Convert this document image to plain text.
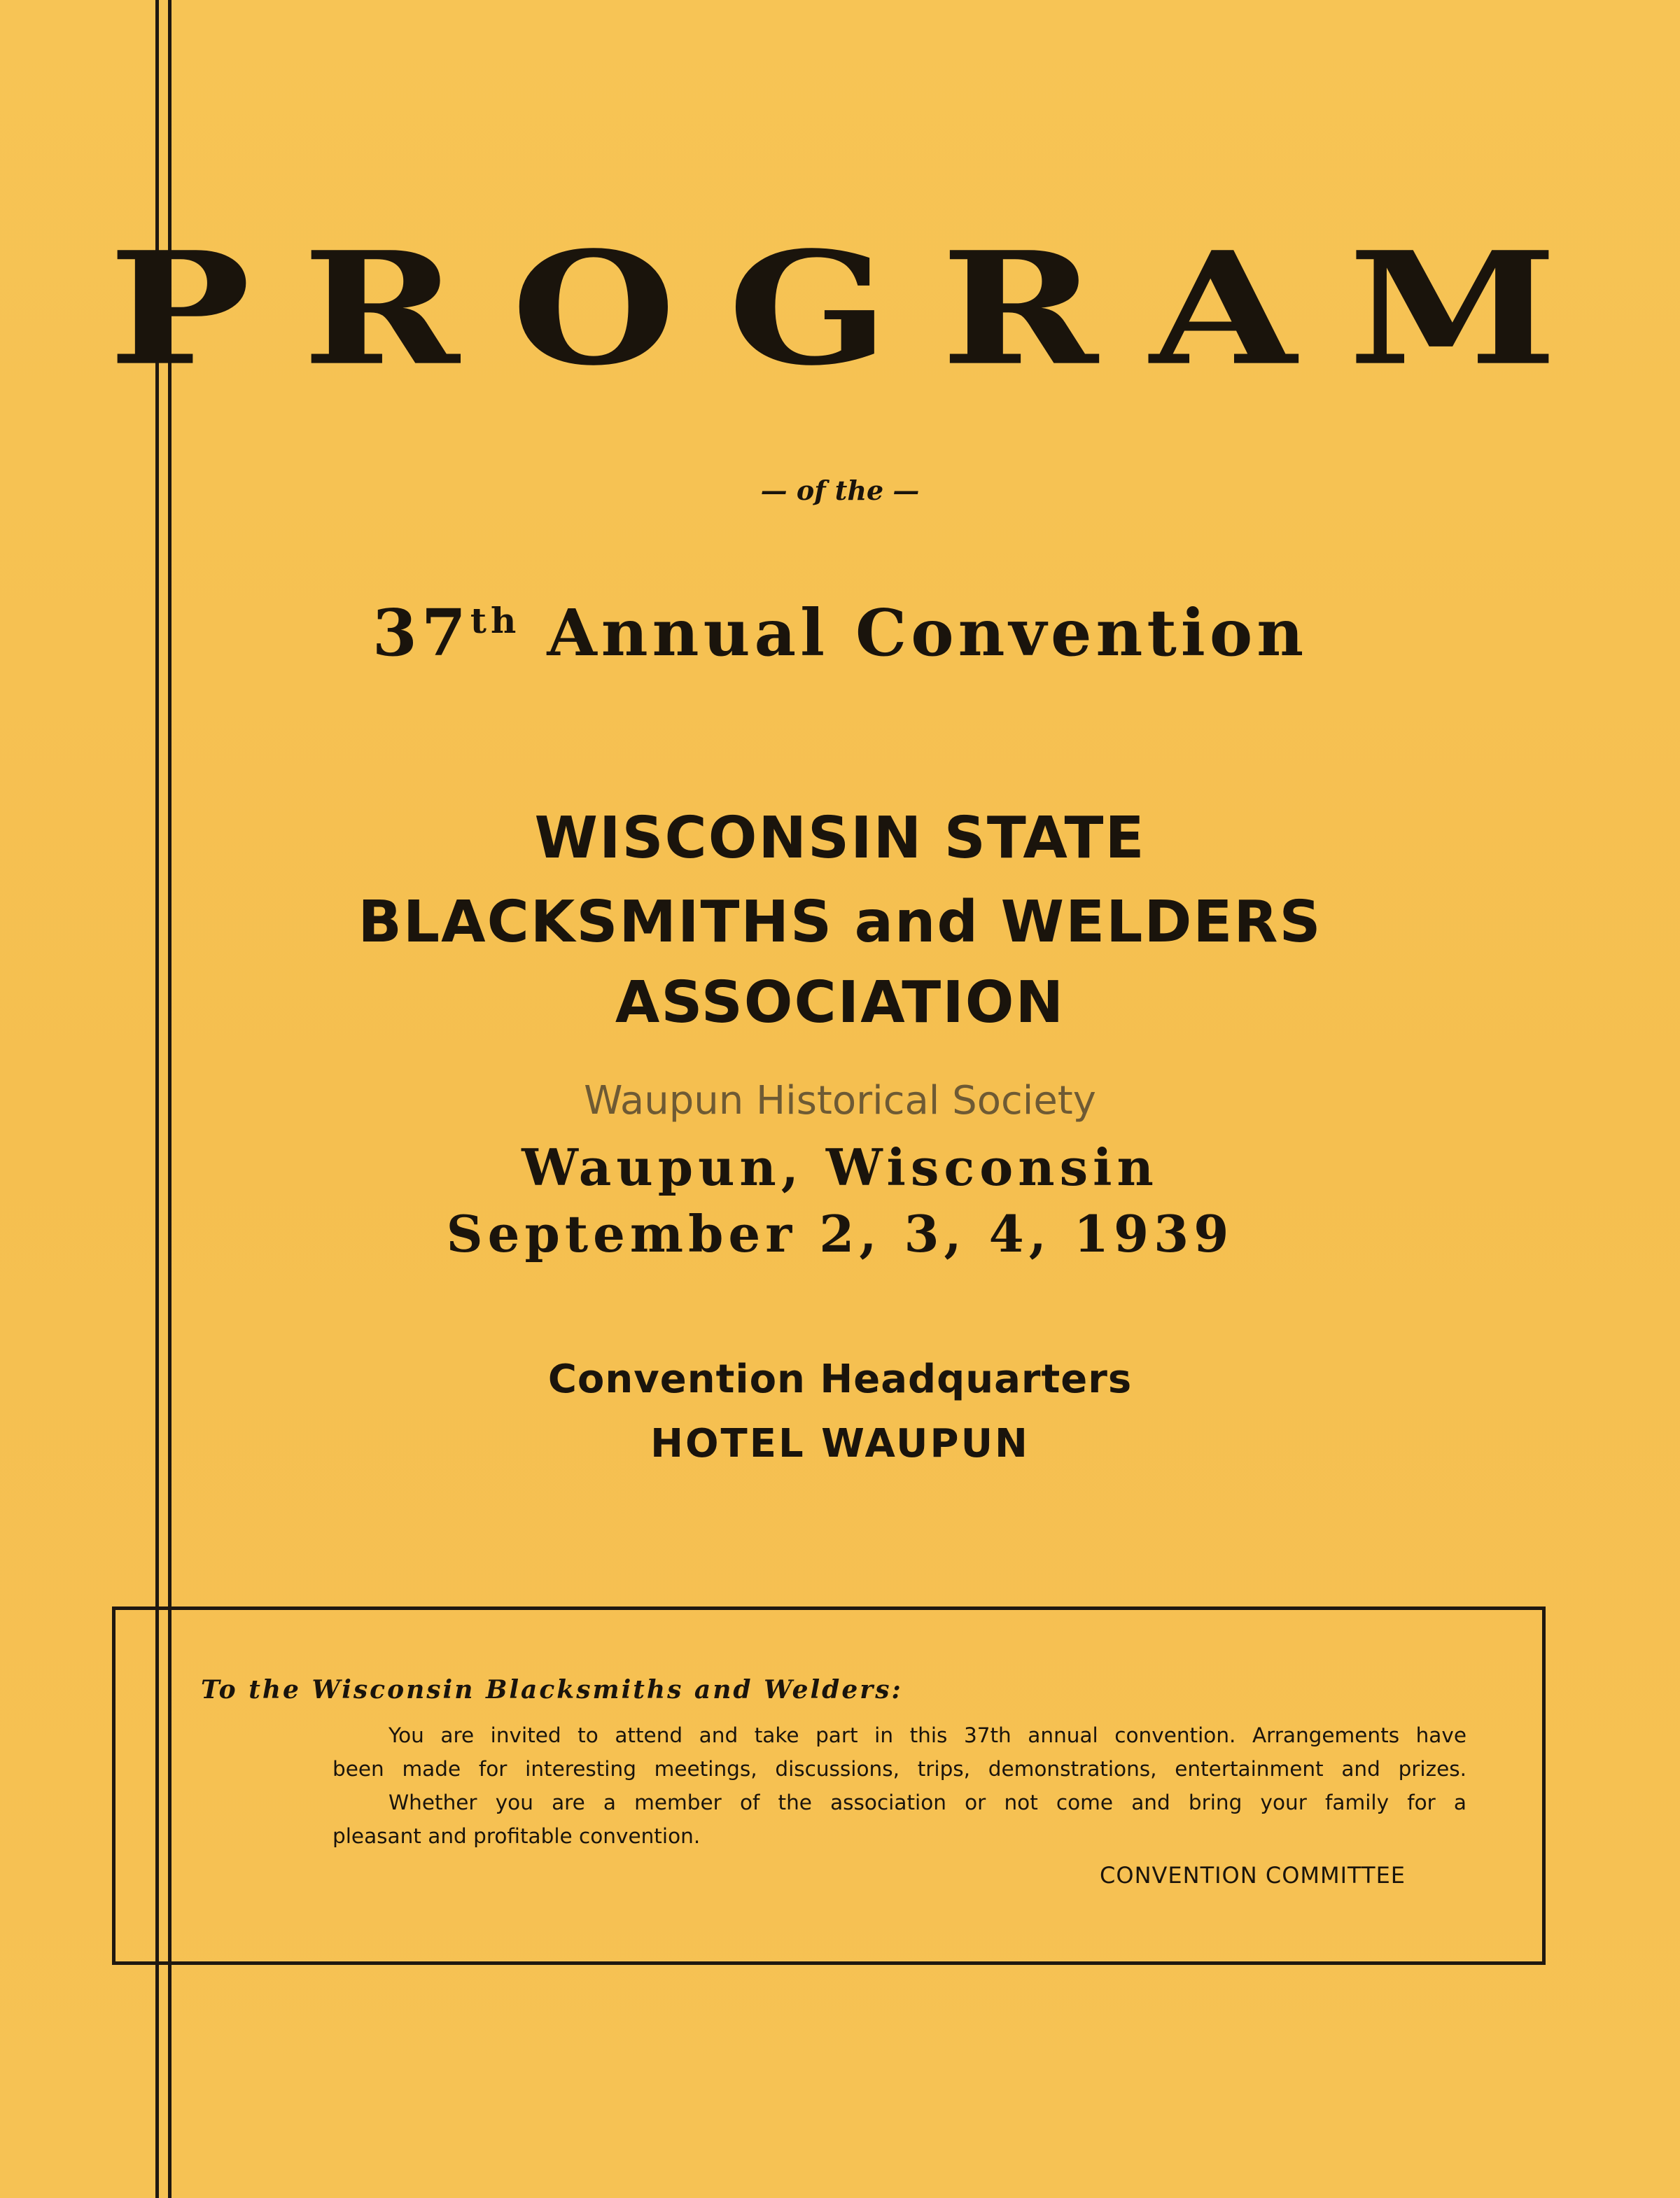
P R O G R A M
— of the —
37th Annual Convention
WISCONSIN STATE
BLACKSMITHS and WELDERS
ASSOCIATION
Waupun Historical Society
Waupun, Wisconsin
September 2, 3, 4, 1939
Convention Headquarters
HOTEL WAUPUN
To the Wisconsin Blacksmiths and Welders:
You are invited to attend and take part in this 37th annual convention. Arrangements have
been made for interesting meetings, discussions, trips, demonstrations, entertainment and prizes.
Whether you are a member of the association or not come and bring your family for a
pleasant and profitable convention.
CONVENTION COMMITTEE
